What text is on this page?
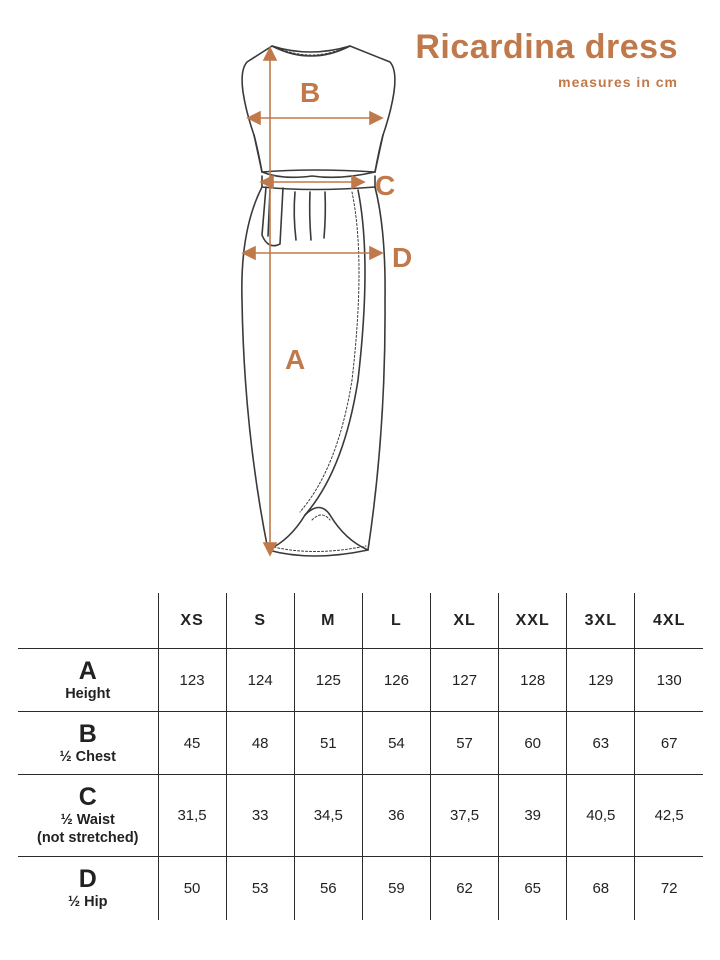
Ricardina dress
measures in cm
B
C
D
A
	XS	S	M	L	XL	XXL	3XL	4XL

A
Height	123	124	125	126	127	128	129	130

B
½ Chest	45	48	51	54	57	60	63	67

C
½ Waist
(not stretched)	31,5	33	34,5	36	37,5	39	40,5	42,5

D
½ Hip	50	53	56	59	62	65	68	72
